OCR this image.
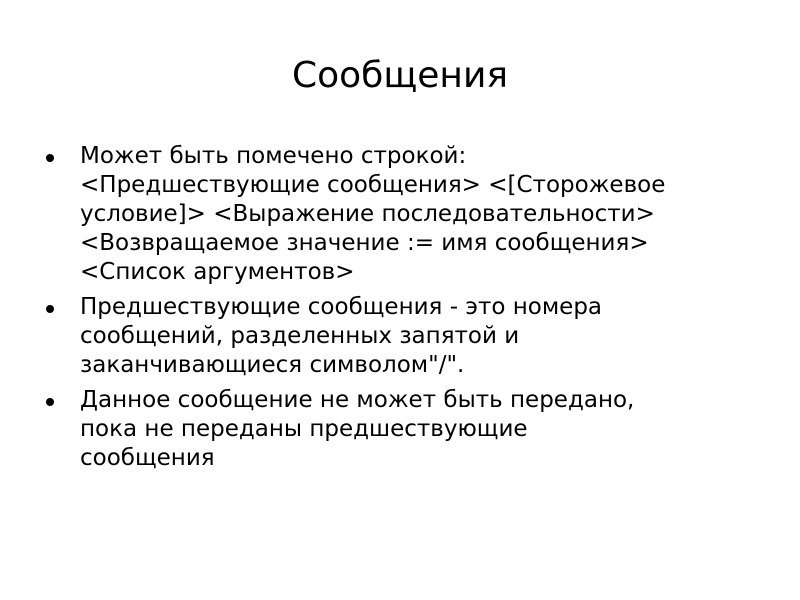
Сообщения
Может быть помечено строкой:
<Предшествующие сообщения> <[Сторожевое
условие]> <Выражение последовательности>
<Возвращаемое значение := имя сообщения>
<Список аргументов>
Предшествующие сообщения - это номера
сообщений, разделенных запятой и
заканчивающиеся символом"/".
Данное сообщение не может быть передано,
пока не переданы предшествующие
сообщения
